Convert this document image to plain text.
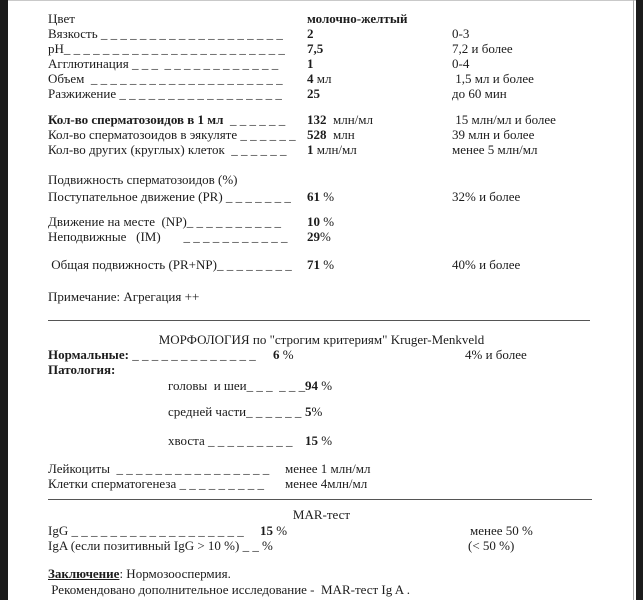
Цвет	молочно-желтый
Вязкость _ _ _ _ _ _ _ _ _ _ _ _ _ _ _ _ _ _ _ 2	0-3
pH_ _ _ _ _ _ _ _ _ _ _ _ _ _ _ _ _ _ _ _ _ _ _ 7,5	7,2 и более
Агглютинация _ _ _  _ _ _ _ _ _ _ _ _ _ _ _ 1	0-4
Объем  _ _ _ _ _ _ _ _ _ _ _ _ _ _ _ _ _ _ _ _ 4 мл	1,5 мл и более
Разжижение _ _ _ _ _ _ _ _ _ _ _ _ _ _ _ _ _ 25	до 60 мин
Кол-во сперматозоидов в 1 мл  _ _ _ _ _ _ 132  млн/мл	15 млн/мл и более
Кол-во сперматозоидов в эякуляте _ _ _ _ _ _ 528  млн	39 млн и более
Кол-во других (круглых) клеток  _ _ _ _ _ _ 1 млн/мл	менее 5 млн/мл
Подвижность сперматозоидов (%)
Поступательное движение (PR) _ _ _ _ _ _ _ 61 %	32% и более
Движение на месте  (NP)_ _ _ _ _ _ _ _ _ _ 10 %
Неподвижные   (IM)       _ _ _ _ _ _ _ _ _ _ _ 29%
Общая подвижность (PR+NP)_ _ _ _ _ _ _ _ 71 %	40% и более
Примечание: Агрегация ++
МОРФОЛОГИЯ по "строгим критериям" Kruger-Menkveld
Нормальные: _ _ _ _ _ _ _ _ _ _ _ _ _ 6 %	4% и более
Патология:
головы  и шеи_ _ _  _ _ _ 94 %
средней части_ _ _ _ _ _ 5%
хвоста _ _ _ _ _ _ _ _ _ 15 %
Лейкоциты  _ _ _ _ _ _ _ _ _ _ _ _ _ _ _ _ менее 1 млн/мл
Клетки сперматогенеза _ _ _ _ _ _ _ _ _ менее 4млн/мл
MAR-тест
IgG _ _ _ _ _ _ _ _ _ _ _ _ _ _ _ _ _ _ 15 %	менее 50 %
IgA (если позитивный IgG > 10 %) _ _ %	(< 50 %)
Заключение: Нормозооспермия.
Рекомендовано дополнительное исследование -  MAR-тест Ig A .
